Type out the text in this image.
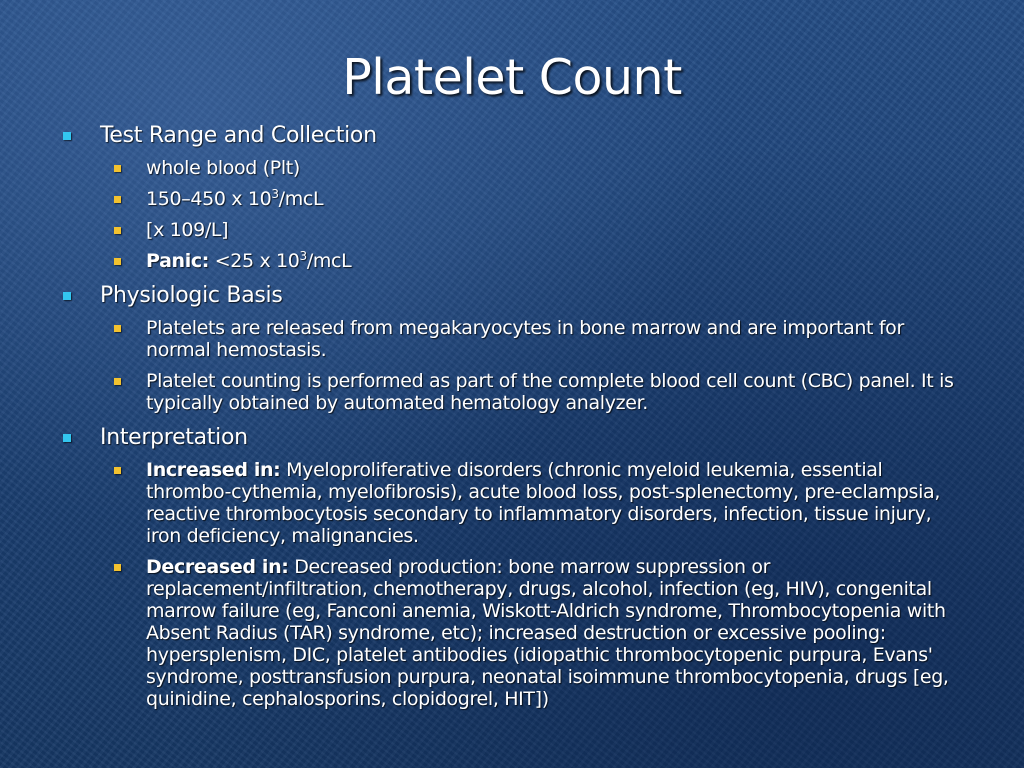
Platelet Count
Test Range and Collection
whole blood (Plt)
150–450 x $10^3$/mcL
[x 109/L]
Panic: <25 x $10^3$/mcL
Physiologic Basis
Platelets are released from megakaryocytes in bone marrow and are important for normal hemostasis.
Platelet counting is performed as part of the complete blood cell count (CBC) panel. It is typically obtained by automated hematology analyzer.
Interpretation
Increased in: Myeloproliferative disorders (chronic myeloid leukemia, essential thrombo-cythemia, myelofibrosis), acute blood loss, post-splenectomy, pre-eclampsia, reactive thrombocytosis secondary to inflammatory disorders, infection, tissue injury, iron deficiency, malignancies.
Decreased in: Decreased production: bone marrow suppression or replacement/infiltration, chemotherapy, drugs, alcohol, infection (eg, HIV), congenital marrow failure (eg, Fanconi anemia, Wiskott-Aldrich syndrome, Thrombocytopenia with Absent Radius (TAR) syndrome, etc); increased destruction or excessive pooling: hypersplenism, DIC, platelet antibodies (idiopathic thrombocytopenic purpura, Evans' syndrome, posttransfusion purpura, neonatal isoimmune thrombocytopenia, drugs [eg, quinidine, cephalosporins, clopidogrel, HIT])
